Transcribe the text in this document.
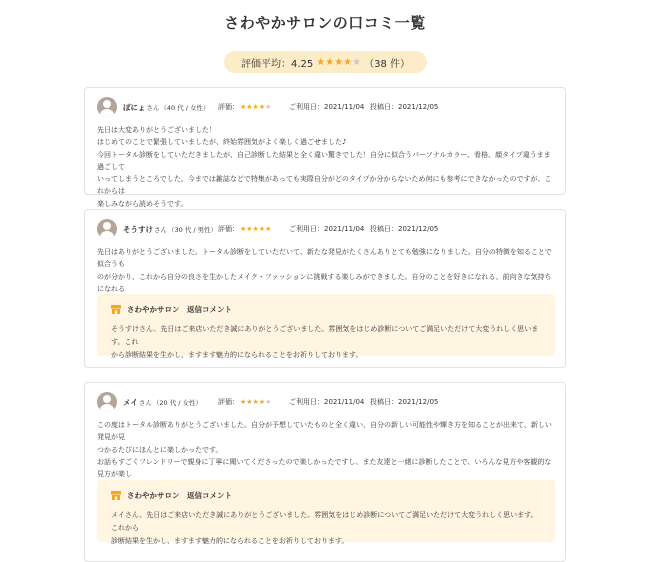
さわやかサロンの口コミ一覧
評価平均：4.25 ★★★★★ （38 件）
ぽにょ さん （40 代 / 女性） 評価： ★★★★★	ご利用日： 2021/11/04 投稿日： 2021/12/05

先日は大変ありがとうございました！

はじめてのことで緊張していましたが、終始雰囲気がよく楽しく過ごせました♪

今回トータル診断をしていただきましたが、自己診断した結果と全く違い驚きでした！自分に似合うパーソナルカラー、骨格、顔タイプ違うまま過ごして

いってしまうところでした。今までは雑誌などで特集があっても実際自分がどのタイプか分からないため何にも参考にできなかったのですが、これからは

楽しみながら読めそうです。

そうすけ さん （30 代 / 男性） 評価： ★★★★★	ご利用日： 2021/11/04 投稿日： 2021/12/05

先日はありがとうございました。トータル診断をしていただいて、新たな発見がたくさんありとても勉強になりました。自分の特徴を知ることで似合うも

のが分かり、これから自分の良さを生かしたメイク・ファッションに挑戦する楽しみができました。自分のことを好きになれる、前向きな気持ちになれる

さわやかサロン　返信コメント
そうすけさん、先日はご来店いただき誠にありがとうございました。雰囲気をはじめ診断についてご満足いただけて大変うれしく思います。これ
から診断結果を生かし、ますます魅力的になられることをお祈りしております。
メイ さん （20 代 / 女性） 評価： ★★★★★	ご利用日： 2021/11/04 投稿日： 2021/12/05

この度はトータル診断ありがとうございました。自分が予想していたものと全く違い、自分の新しい可能性や輝き方を知ることが出来て、新しい発見が見

つかるたびにほんとに楽しかったです。

お話もすごくフレンドリーで親身に丁寧に聞いてくださったので楽しかったですし、また友達と一緒に診断したことで、いろんな見方や客観的な見方が楽し

さわやかサロン　返信コメント
メイさん、先日はご来店いただき誠にありがとうございました。雰囲気をはじめ診断についてご満足いただけて大変うれしく思います。これから
診断結果を生かし、ますます魅力的になられることをお祈りしております。
